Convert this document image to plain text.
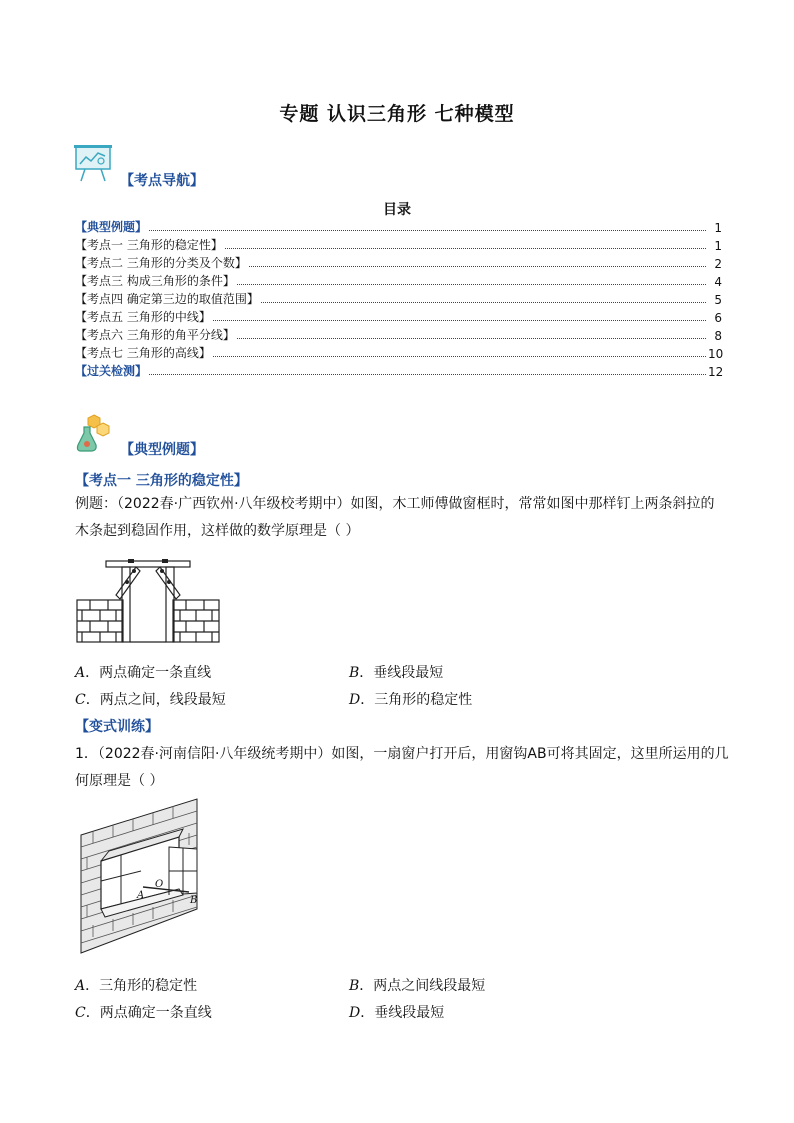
专题 认识三角形 七种模型
【考点导航】
目录
【典型例题】	1
【考点一 三角形的稳定性】	1
【考点二 三角形的分类及个数】	2
【考点三 构成三角形的条件】	4
【考点四 确定第三边的取值范围】	5
【考点五 三角形的中线】	6
【考点六 三角形的角平分线】	8
【考点七 三角形的高线】	10
【过关检测】	12
【典型例题】
【考点一 三角形的稳定性】
例题：（2022春·广西钦州·八年级校考期中）如图，木工师傅做窗框时，常常如图中那样钉上两条斜拉的
木条起到稳固作用，这样做的数学原理是（ ）
A．两点确定一条直线	B．垂线段最短
C．两点之间，线段最短	D．三角形的稳定性
【变式训练】
1．（2022春·河南信阳·八年级统考期中）如图，一扇窗户打开后，用窗钩AB可将其固定，这里所运用的几
何原理是（ ）
A
O
B
A．三角形的稳定性	B．两点之间线段最短
C．两点确定一条直线	D．垂线段最短
